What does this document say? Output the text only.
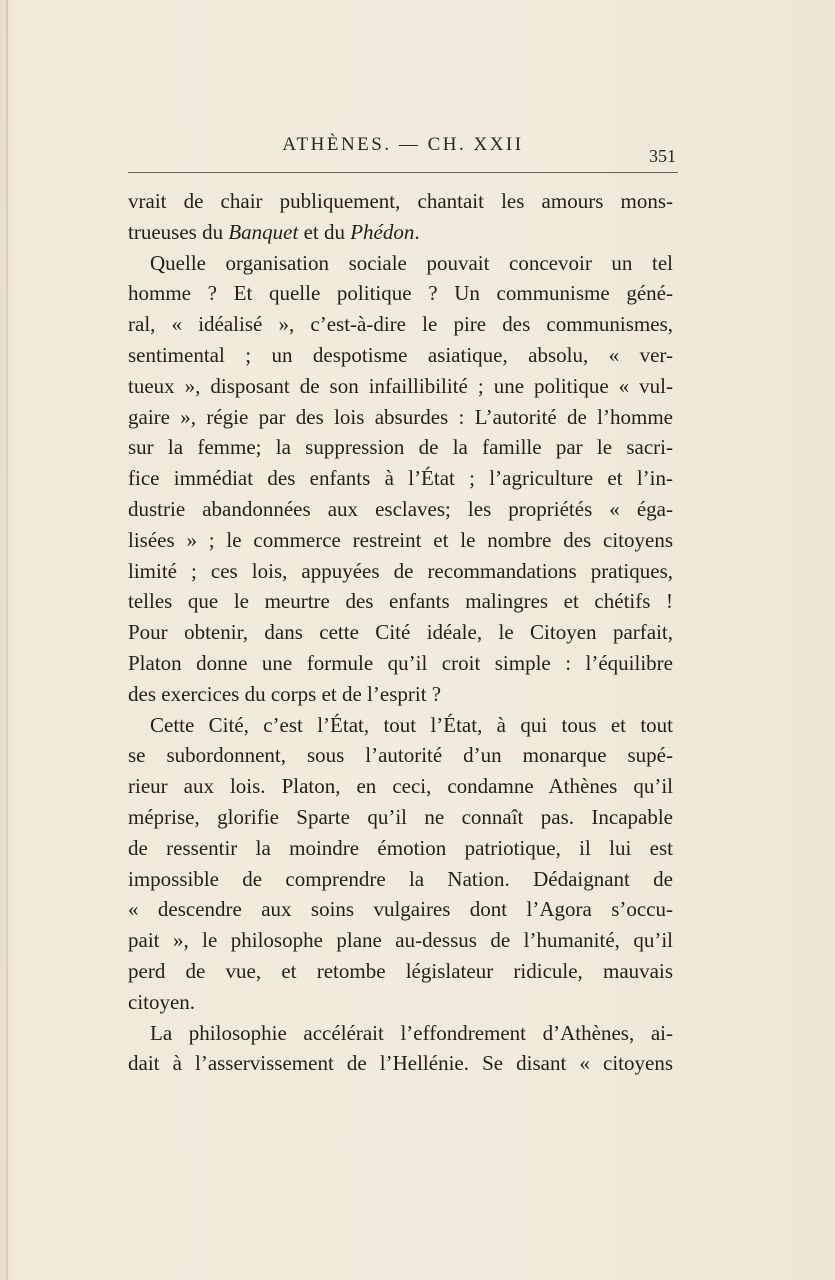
ATHÈNES. — CH. XXII
351
vrait de chair publiquement, chantait les amours mons-
trueuses du Banquet et du Phédon.
Quelle organisation sociale pouvait concevoir un tel
homme ? Et quelle politique ? Un communisme géné-
ral, « idéalisé », c’est-à-dire le pire des communismes,
sentimental ; un despotisme asiatique, absolu, « ver-
tueux », disposant de son infaillibilité ; une politique « vul-
gaire », régie par des lois absurdes : L’autorité de l’homme
sur la femme; la suppression de la famille par le sacri-
fice immédiat des enfants à l’État ; l’agriculture et l’in-
dustrie abandonnées aux esclaves; les propriétés « éga-
lisées » ; le commerce restreint et le nombre des citoyens
limité ; ces lois, appuyées de recommandations pratiques,
telles que le meurtre des enfants malingres et chétifs !
Pour obtenir, dans cette Cité idéale, le Citoyen parfait,
Platon donne une formule qu’il croit simple : l’équilibre
des exercices du corps et de l’esprit ?
Cette Cité, c’est l’État, tout l’État, à qui tous et tout
se subordonnent, sous l’autorité d’un monarque supé-
rieur aux lois. Platon, en ceci, condamne Athènes qu’il
méprise, glorifie Sparte qu’il ne connaît pas. Incapable
de ressentir la moindre émotion patriotique, il lui est
impossible de comprendre la Nation. Dédaignant de
« descendre aux soins vulgaires dont l’Agora s’occu-
pait », le philosophe plane au-dessus de l’humanité, qu’il
perd de vue, et retombe législateur ridicule, mauvais
citoyen.
La philosophie accélérait l’effondrement d’Athènes, ai-
dait à l’asservissement de l’Hellénie. Se disant « citoyens
